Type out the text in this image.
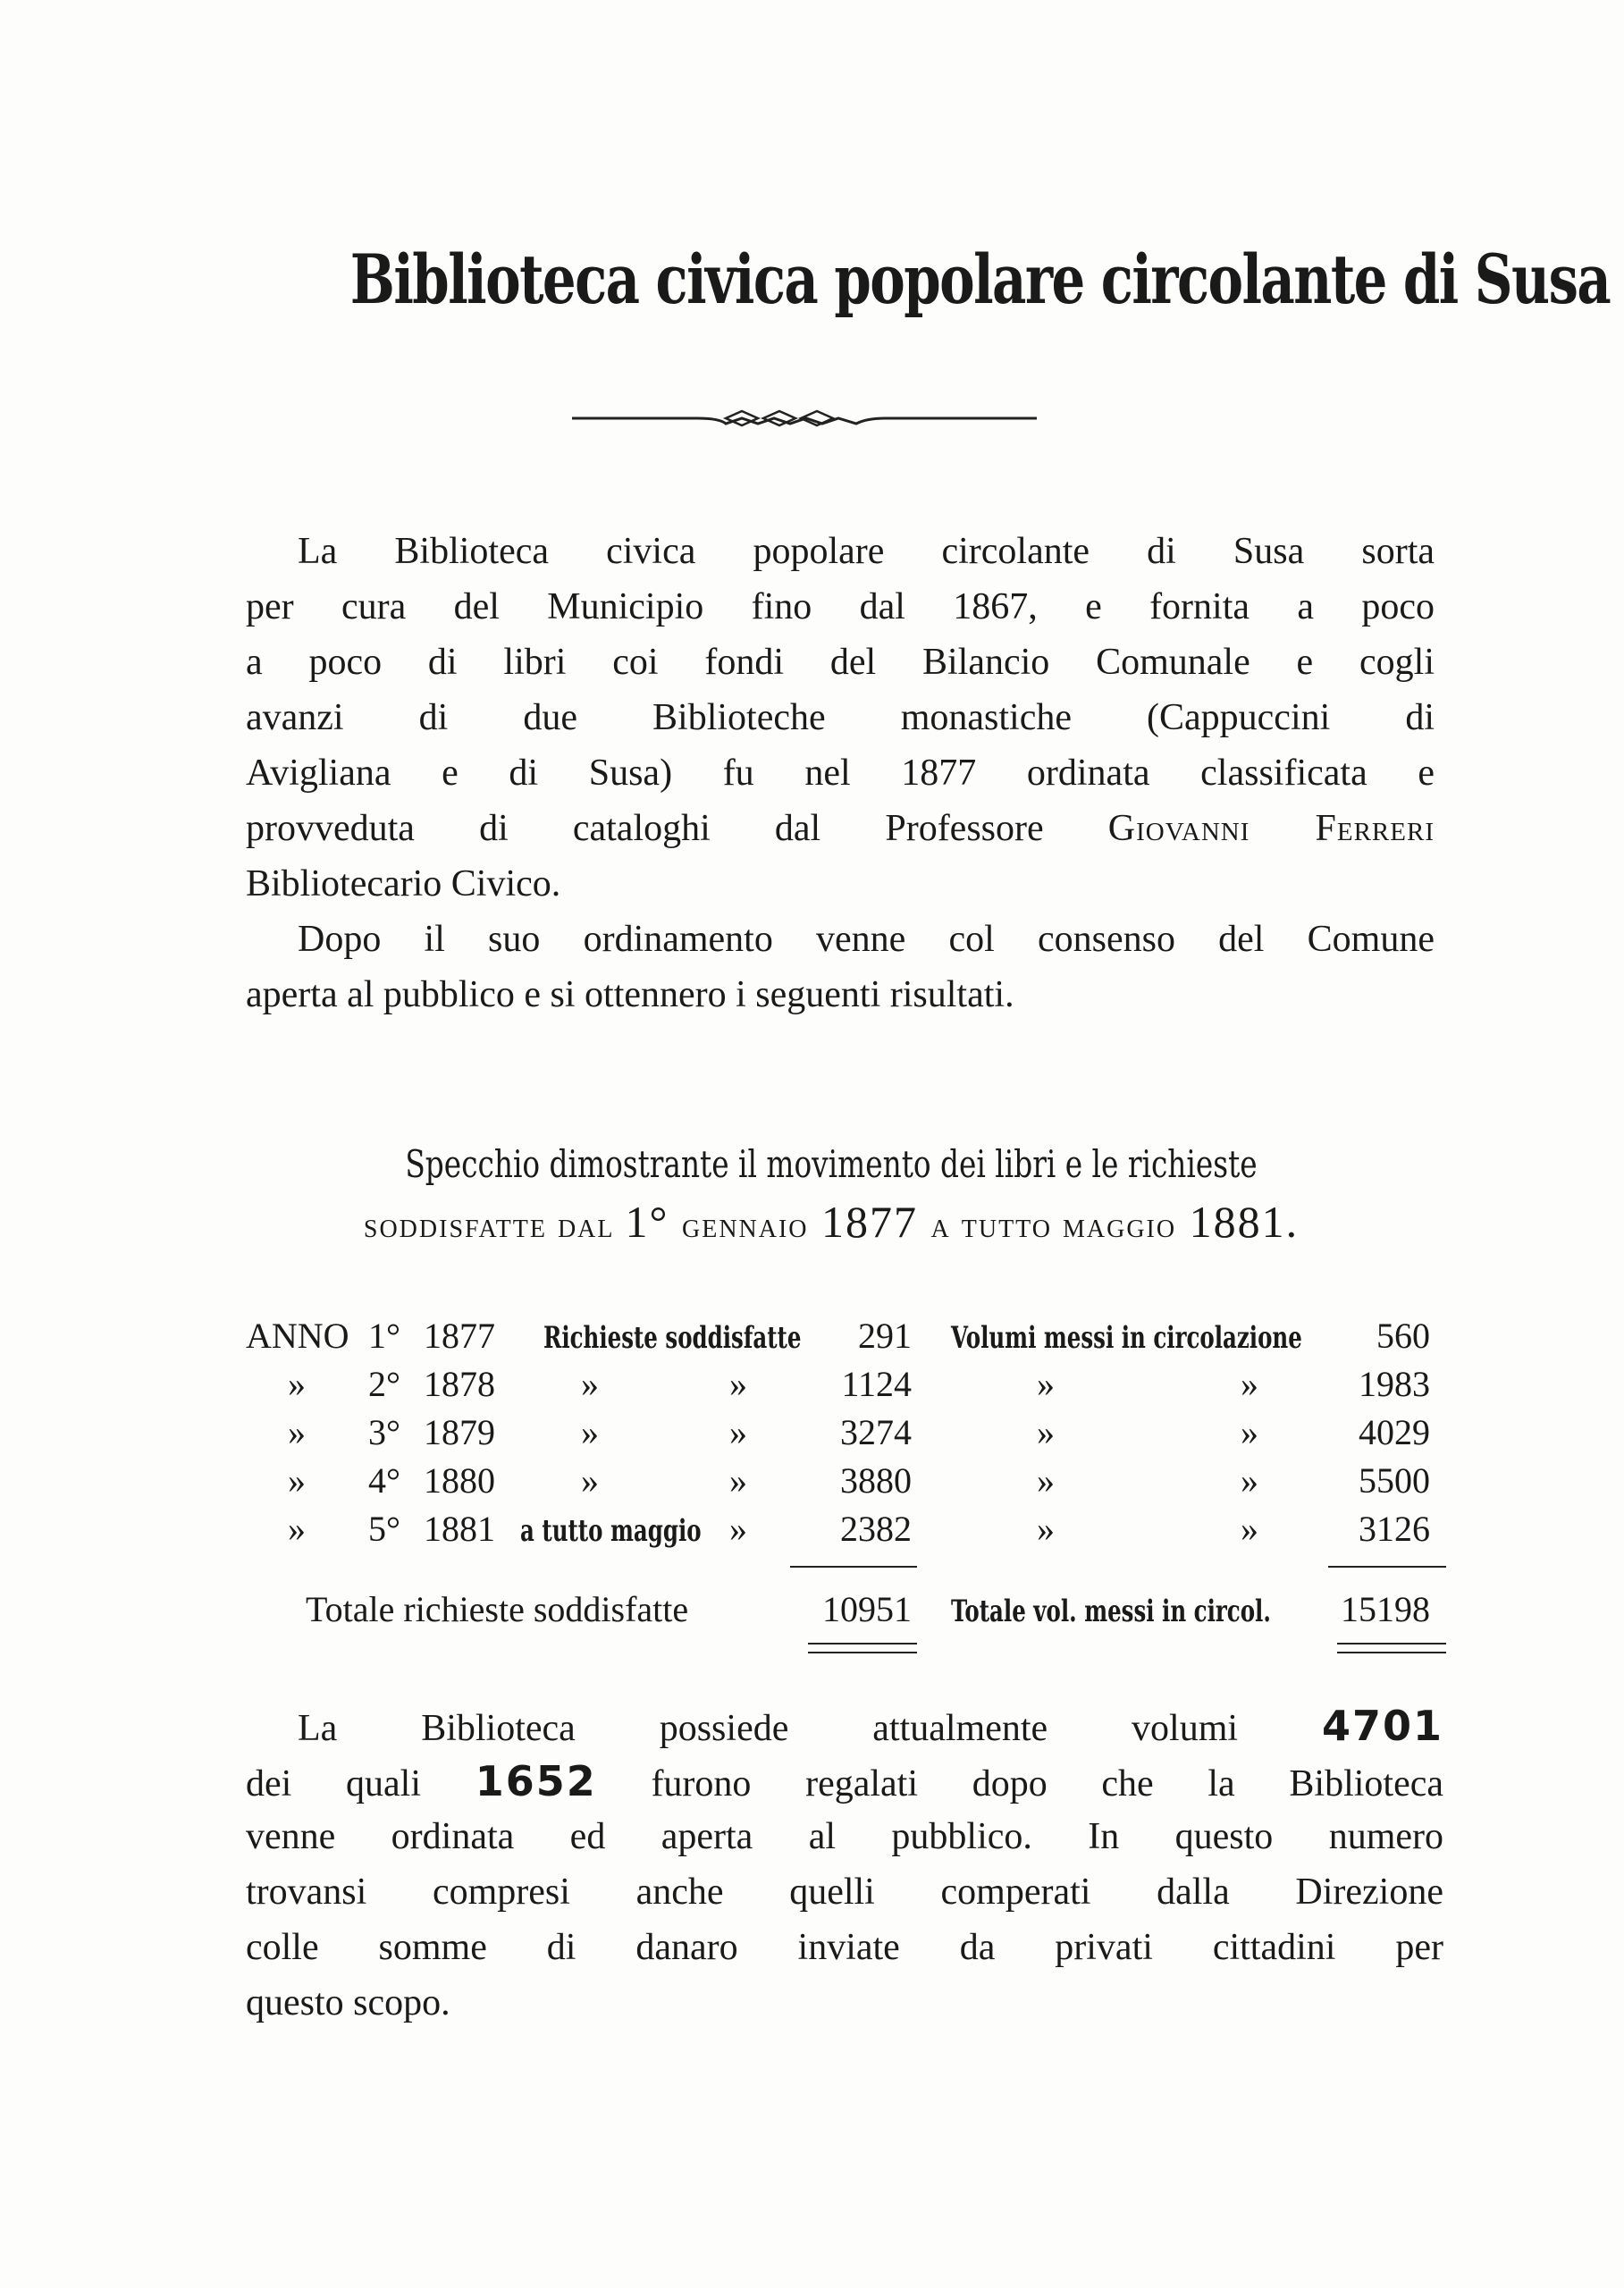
Biblioteca civica popolare circolante di Susa
La Biblioteca civica popolare circolante di Susa sorta
per cura del Municipio fino dal 1867, e fornita a poco
a poco di libri coi fondi del Bilancio Comunale e cogli
avanzi di due Biblioteche monastiche (Cappuccini di
Avigliana e di Susa) fu nel 1877 ordinata classificata e
provveduta di cataloghi dal Professore Giovanni Ferreri
Bibliotecario Civico.
Dopo il suo ordinamento venne col consenso del Comune
aperta al pubblico e si ottennero i seguenti risultati.
Specchio dimostrante il movimento dei libri e le richieste
soddisfatte dal 1° gennaio 1877 a tutto maggio 1881.
ANNO 1° 1877 Richieste soddisfatte	291 Volumi messi in circolazione	560
» 2° 1878 »	»	1124	»	»	1983
» 3° 1879 »	»	3274	»	»	4029
» 4° 1880 »	»	3880	»	»	5500
» 5° 1881 a tutto maggio »	2382	»	»	3126
Totale richieste soddisfatte	10951 Totale vol. messi in circol.	15198
La Biblioteca possiede attualmente volumi 4701
dei quali 1652 furono regalati dopo che la Biblioteca
venne ordinata ed aperta al pubblico. In questo numero
trovansi compresi anche quelli comperati dalla Direzione
colle somme di danaro inviate da privati cittadini per
questo scopo.
